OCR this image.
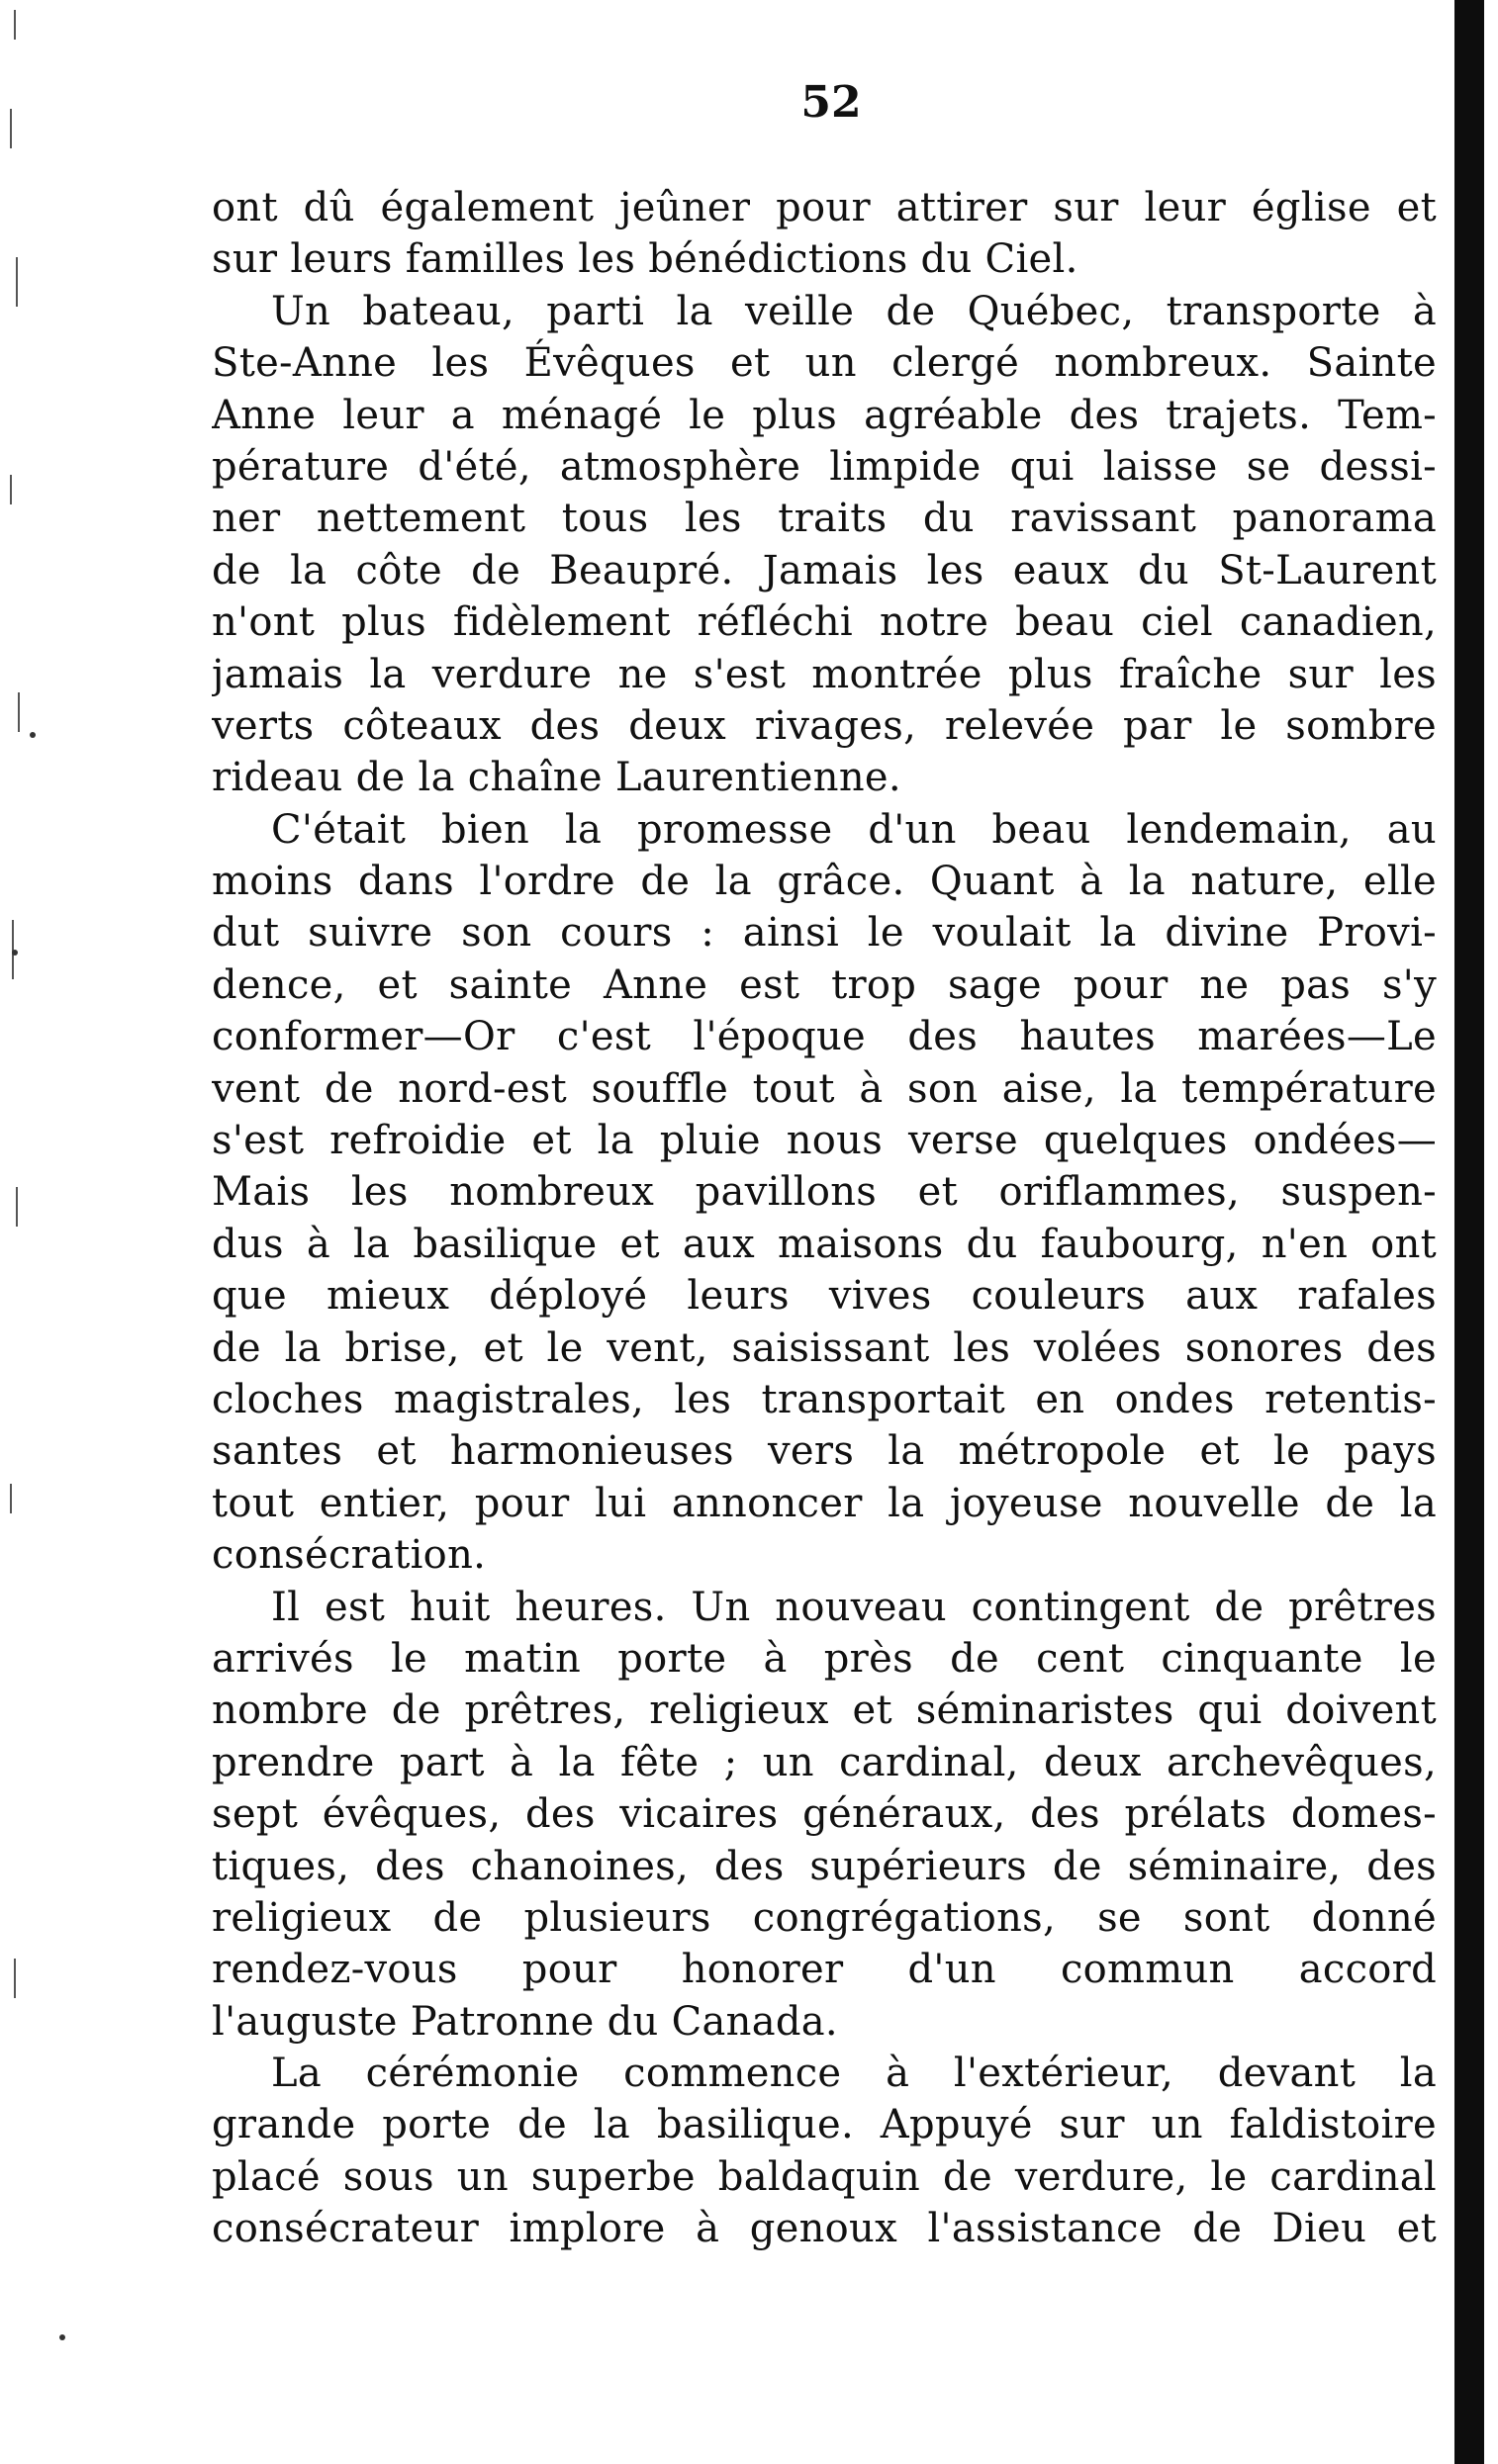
52
ont dû également jeûner pour attirer sur leur église et
sur leurs familles les bénédictions du Ciel.
Un bateau, parti la veille de Québec, transporte à
Ste-Anne les Évêques et un clergé nombreux. Sainte
Anne leur a ménagé le plus agréable des trajets. Tem-
pérature d'été, atmosphère limpide qui laisse se dessi-
ner nettement tous les traits du ravissant panorama
de la côte de Beaupré. Jamais les eaux du St-Laurent
n'ont plus fidèlement réfléchi notre beau ciel canadien,
jamais la verdure ne s'est montrée plus fraîche sur les
verts côteaux des deux rivages, relevée par le sombre
rideau de la chaîne Laurentienne.
C'était bien la promesse d'un beau lendemain, au
moins dans l'ordre de la grâce. Quant à la nature, elle
dut suivre son cours : ainsi le voulait la divine Provi-
dence, et sainte Anne est trop sage pour ne pas s'y
conformer—Or c'est l'époque des hautes marées—Le
vent de nord-est souffle tout à son aise, la température
s'est refroidie et la pluie nous verse quelques ondées—
Mais les nombreux pavillons et oriflammes, suspen-
dus à la basilique et aux maisons du faubourg, n'en ont
que mieux déployé leurs vives couleurs aux rafales
de la brise, et le vent, saisissant les volées sonores des
cloches magistrales, les transportait en ondes retentis-
santes et harmonieuses vers la métropole et le pays
tout entier, pour lui annoncer la joyeuse nouvelle de la
consécration.
Il est huit heures. Un nouveau contingent de prêtres
arrivés le matin porte à près de cent cinquante le
nombre de prêtres, religieux et séminaristes qui doivent
prendre part à la fête ; un cardinal, deux archevêques,
sept évêques, des vicaires généraux, des prélats domes-
tiques, des chanoines, des supérieurs de séminaire, des
religieux de plusieurs congrégations, se sont donné
rendez-vous pour honorer d'un commun accord
l'auguste Patronne du Canada.
La cérémonie commence à l'extérieur, devant la
grande porte de la basilique. Appuyé sur un faldistoire
placé sous un superbe baldaquin de verdure, le cardinal
consécrateur implore à genoux l'assistance de Dieu et
